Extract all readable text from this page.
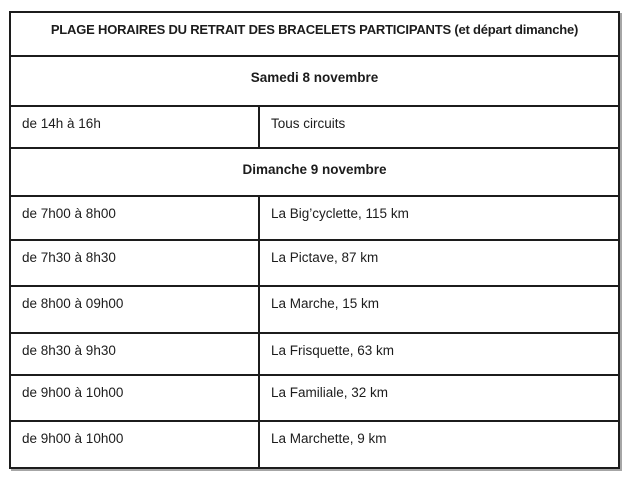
PLAGE HORAIRES DU RETRAIT DES BRACELETS PARTICIPANTS (et départ dimanche)	
Samedi 8 novembre	
de 14h à 16h	Tous circuits
Dimanche 9 novembre	
de 7h00 à 8h00	La Big’cyclette, 115 km
de 7h30 à 8h30	La Pictave, 87 km
de 8h00 à 09h00	La Marche, 15 km
de 8h30 à 9h30	La Frisquette, 63 km
de 9h00 à 10h00	La Familiale, 32 km
de 9h00 à 10h00	La Marchette, 9 km
